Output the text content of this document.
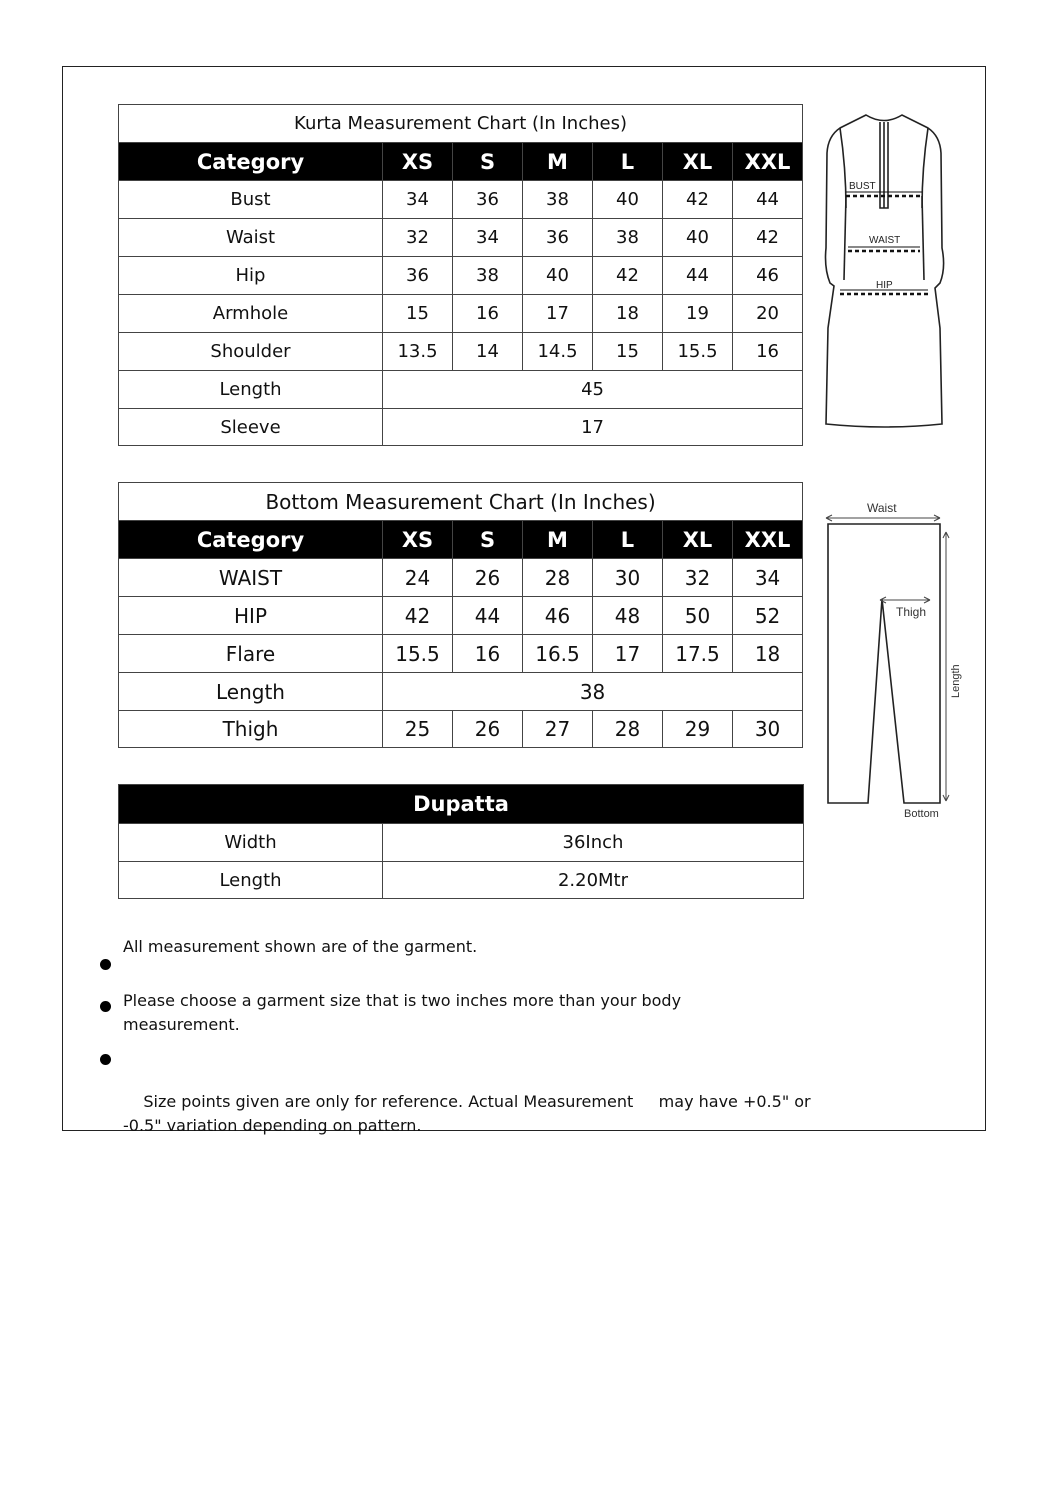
Kurta Measurement Chart (In Inches)						
Category	XS	S	M	L	XL	XXL
Bust	34	36	38	40	42	44
Waist	32	34	36	38	40	42
Hip	36	38	40	42	44	46
Armhole	15	16	17	18	19	20
Shoulder	13.5	14	14.5	15	15.5	16
Length	45					
Sleeve	17					
BUST
WAIST
HIP
Bottom Measurement Chart (In Inches)						
Category	XS	S	M	L	XL	XXL
WAIST	24	26	28	30	32	34
HIP	42	44	46	48	50	52
Flare	15.5	16	16.5	17	17.5	18
Length	38					
Thigh	25	26	27	28	29	30
Waist
Thigh
Length
Bottom
Dupatta	
Width	36Inch
Length	2.20Mtr
All measurement shown are of the garment.
Please choose a garment size that is two inches more than your body measurement.

Size points given are only for reference. Actual Measurement     may have +0.5" or -0.5" variation depending on pattern.
